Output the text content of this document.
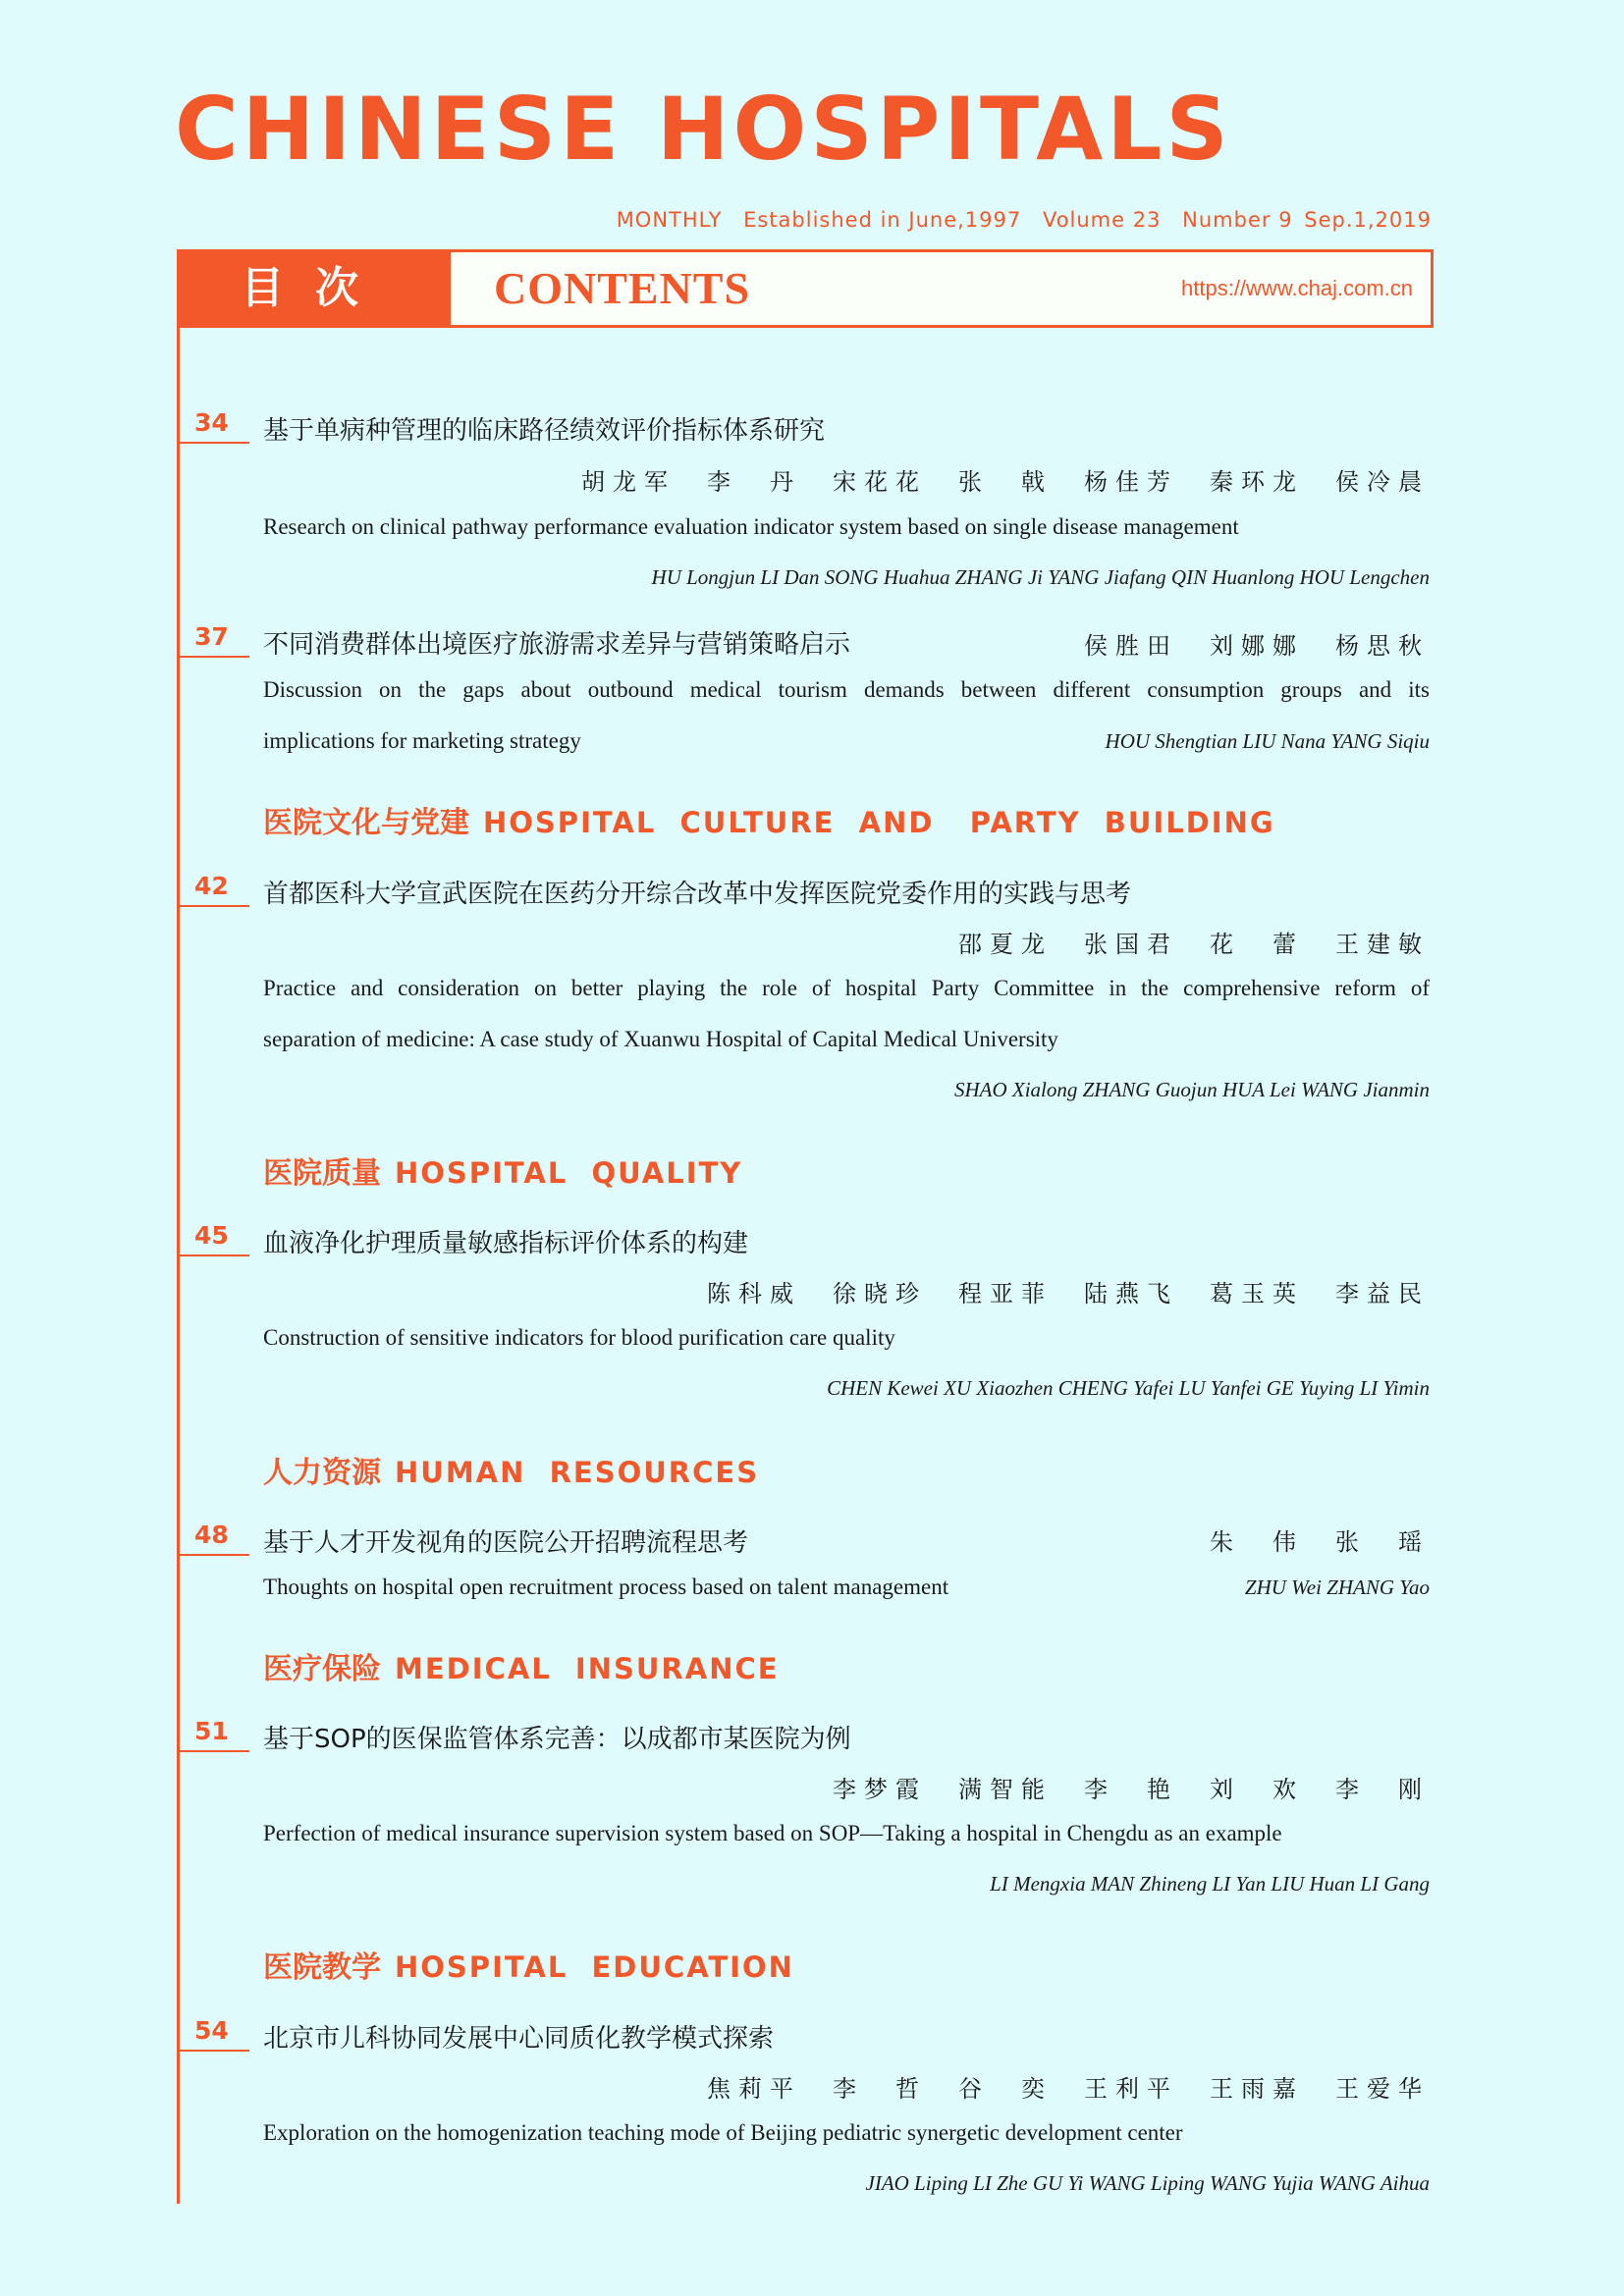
CHINESE HOSPITALS
MONTHLY Established in June,1997 Volume 23 Number 9 Sep.1,2019
目次	CONTENTS	https://www.chaj.com.cn
34 基于单病种管理的临床路径绩效评价指标体系研究
胡龙军　李　丹　宋花花　张　戟　杨佳芳　秦环龙　侯冷晨
Research on clinical pathway performance evaluation indicator system based on single disease management
HU Longjun LI Dan SONG Huahua ZHANG Ji YANG Jiafang QIN Huanlong HOU Lengchen
37 不同消费群体出境医疗旅游需求差异与营销策略启示	侯胜田　刘娜娜　杨思秋
Discussion on the gaps about outbound medical tourism demands between different consumption groups and its
implications for marketing strategy	HOU Shengtian LIU Nana YANG Siqiu
医院文化与党建 HOSPITAL  CULTURE  AND   PARTY  BUILDING
42 首都医科大学宣武医院在医药分开综合改革中发挥医院党委作用的实践与思考
邵夏龙　张国君　花　蕾　王建敏
Practice and consideration on better playing the role of hospital Party Committee in the comprehensive reform of
separation of medicine: A case study of Xuanwu Hospital of Capital Medical University
SHAO Xialong ZHANG Guojun HUA Lei WANG Jianmin
医院质量 HOSPITAL  QUALITY
45 血液净化护理质量敏感指标评价体系的构建
陈科威　徐晓珍　程亚菲　陆燕飞　葛玉英　李益民
Construction of sensitive indicators for blood purification care quality
CHEN Kewei XU Xiaozhen CHENG Yafei LU Yanfei GE Yuying LI Yimin
人力资源 HUMAN  RESOURCES
48 基于人才开发视角的医院公开招聘流程思考	朱　伟　张　瑶
Thoughts on hospital open recruitment process based on talent management	ZHU Wei ZHANG Yao
医疗保险 MEDICAL  INSURANCE
51 基于SOP的医保监管体系完善：以成都市某医院为例
李梦霞　满智能　李　艳　刘　欢　李　刚
Perfection of medical insurance supervision system based on SOP—Taking a hospital in Chengdu as an example
LI Mengxia MAN Zhineng LI Yan LIU Huan LI Gang
医院教学 HOSPITAL  EDUCATION
54 北京市儿科协同发展中心同质化教学模式探索
焦莉平　李　哲　谷　奕　王利平　王雨嘉　王爱华
Exploration on the homogenization teaching mode of Beijing pediatric synergetic development center
JIAO Liping LI Zhe GU Yi WANG Liping WANG Yujia WANG Aihua
